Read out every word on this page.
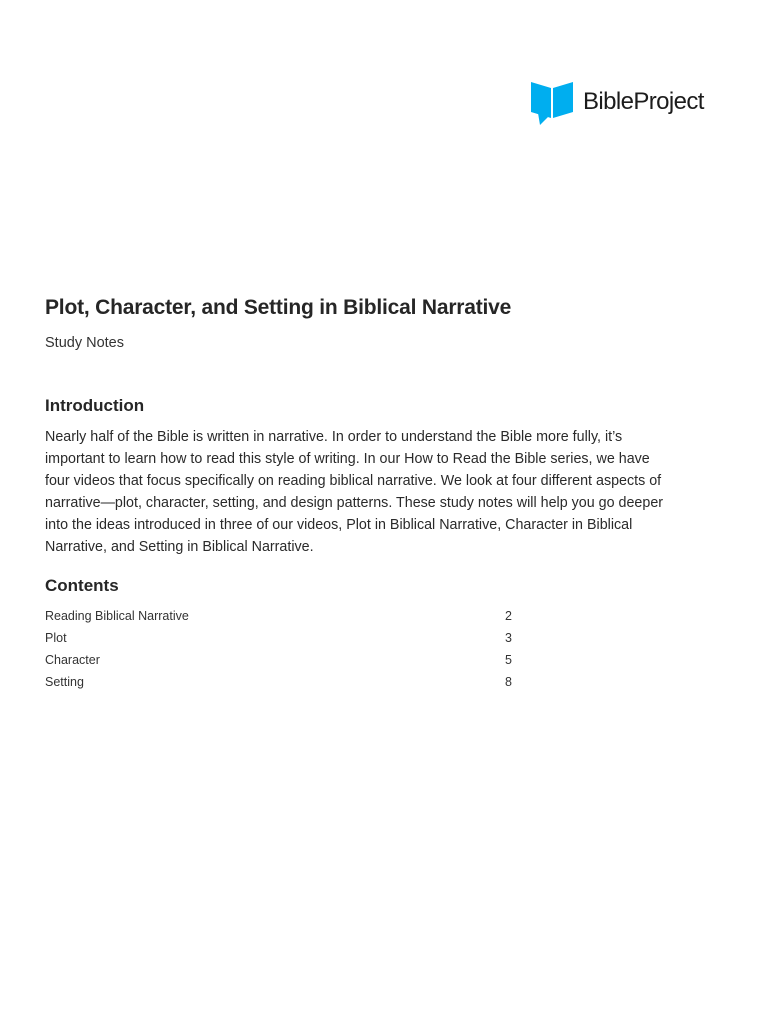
BibleProject
Plot, Character, and Setting in Biblical Narrative

Study Notes

Introduction

Nearly half of the Bible is written in narrative. In order to understand the Bible more fully, it’s important to learn how to read this style of writing. In our How to Read the Bible series, we have four videos that focus specifically on reading biblical narrative. We look at four different aspects of narrative—plot, character, setting, and design patterns. These study notes will help you go deeper into the ideas introduced in three of our videos, Plot in Biblical Narrative, Character in Biblical Narrative, and Setting in Biblical Narrative.

Contents
Reading Biblical Narrative	2
Plot	3
Character	5
Setting	8
